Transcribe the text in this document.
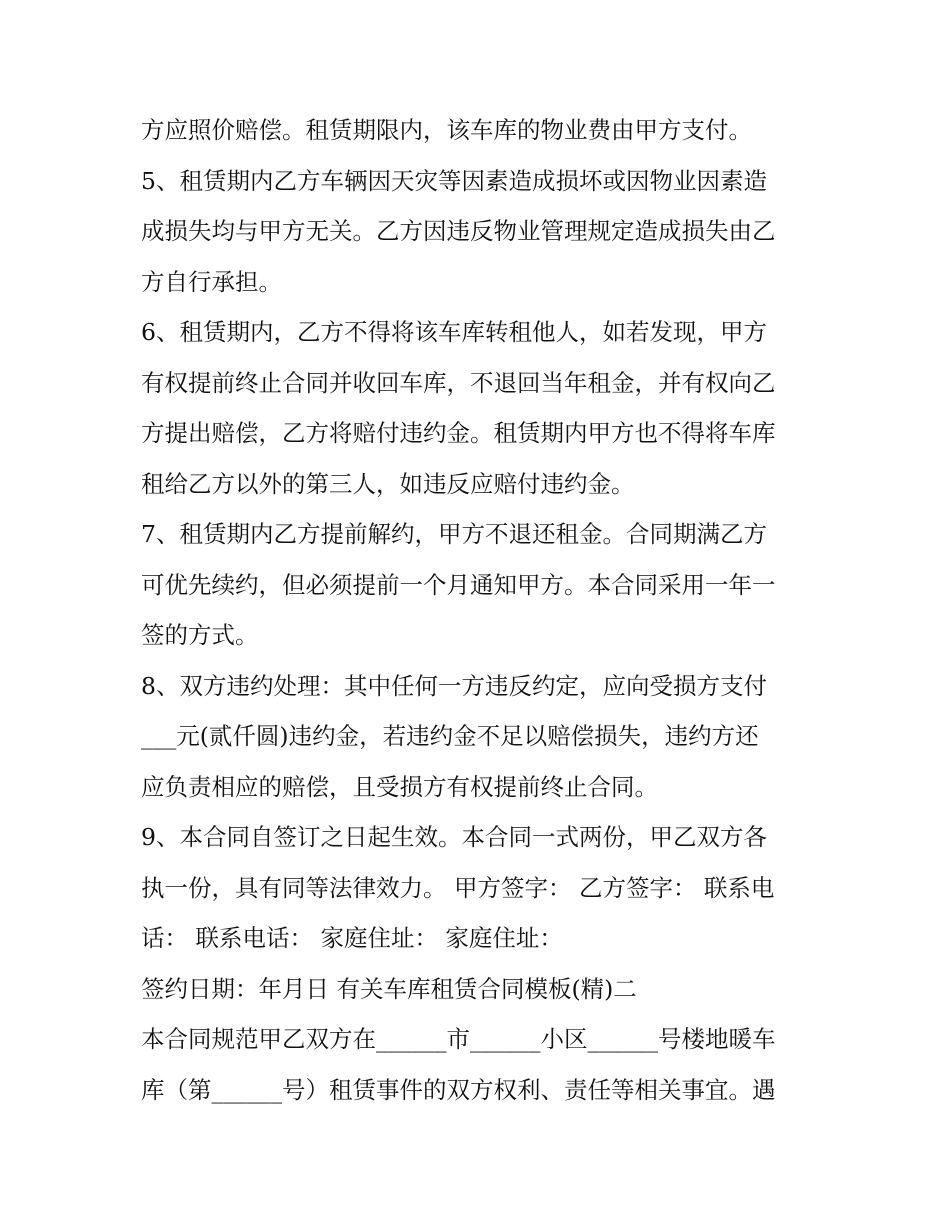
方应照价赔偿。租赁期限内，该车库的物业费由甲方支付。
5、租赁期内乙方车辆因天灾等因素造成损坏或因物业因素造
成损失均与甲方无关。乙方因违反物业管理规定造成损失由乙
方自行承担。
6、租赁期内，乙方不得将该车库转租他人，如若发现，甲方
有权提前终止合同并收回车库，不退回当年租金，并有权向乙
方提出赔偿，乙方将赔付违约金。租赁期内甲方也不得将车库
租给乙方以外的第三人，如违反应赔付违约金。
7、租赁期内乙方提前解约，甲方不退还租金。合同期满乙方
可优先续约，但必须提前一个月通知甲方。本合同采用一年一
签的方式。
8、双方违约处理：其中任何一方违反约定，应向受损方支付
___元(贰仟圆)违约金，若违约金不足以赔偿损失，违约方还
应负责相应的赔偿，且受损方有权提前终止合同。
9、本合同自签订之日起生效。本合同一式两份，甲乙双方各
执一份，具有同等法律效力。 甲方签字： 乙方签字： 联系电
话： 联系电话： 家庭住址： 家庭住址：
签约日期：年月日 有关车库租赁合同模板(精)二
本合同规范甲乙双方在______市______小区______号楼地暖车
库（第______号）租赁事件的双方权利、责任等相关事宜。遇
